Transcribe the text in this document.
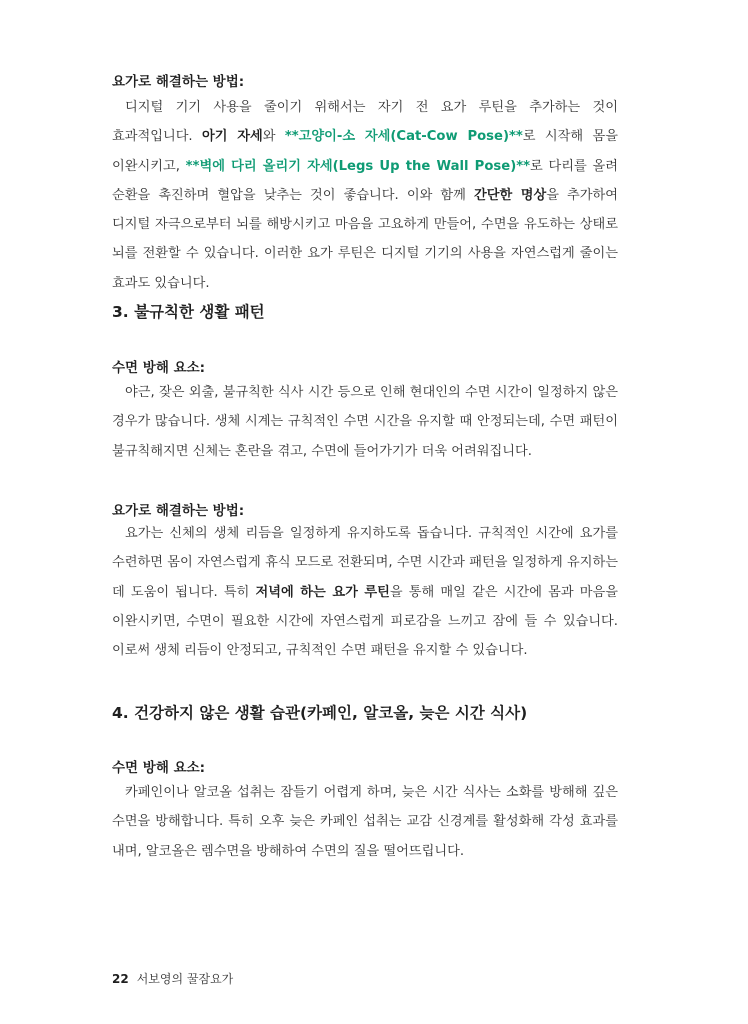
요가로 해결하는 방법:
디지털 기기 사용을 줄이기 위해서는 자기 전 요가 루틴을 추가하는 것이 효과적입니다. 아기 자세와 **고양이-소 자세(Cat-Cow Pose)**로 시작해 몸을 이완시키고, **벽에 다리 올리기 자세(Legs Up the Wall Pose)**로 다리를 올려 순환을 촉진하며 혈압을 낮추는 것이 좋습니다. 이와 함께 간단한 명상을 추가하여 디지털 자극으로부터 뇌를 해방시키고 마음을 고요하게 만들어, 수면을 유도하는 상태로 뇌를 전환할 수 있습니다. 이러한 요가 루틴은 디지털 기기의 사용을 자연스럽게 줄이는 효과도 있습니다.
3. 불규칙한 생활 패턴
수면 방해 요소:
야근, 잦은 외출, 불규칙한 식사 시간 등으로 인해 현대인의 수면 시간이 일정하지 않은 경우가 많습니다. 생체 시계는 규칙적인 수면 시간을 유지할 때 안정되는데, 수면 패턴이 불규칙해지면 신체는 혼란을 겪고, 수면에 들어가기가 더욱 어려워집니다.
요가로 해결하는 방법:
요가는 신체의 생체 리듬을 일정하게 유지하도록 돕습니다. 규칙적인 시간에 요가를 수련하면 몸이 자연스럽게 휴식 모드로 전환되며, 수면 시간과 패턴을 일정하게 유지하는 데 도움이 됩니다. 특히 저녁에 하는 요가 루틴을 통해 매일 같은 시간에 몸과 마음을 이완시키면, 수면이 필요한 시간에 자연스럽게 피로감을 느끼고 잠에 들 수 있습니다. 이로써 생체 리듬이 안정되고, 규칙적인 수면 패턴을 유지할 수 있습니다.
4. 건강하지 않은 생활 습관(카페인, 알코올, 늦은 시간 식사)
수면 방해 요소:
카페인이나 알코올 섭취는 잠들기 어렵게 하며, 늦은 시간 식사는 소화를 방해해 깊은 수면을 방해합니다. 특히 오후 늦은 카페인 섭취는 교감 신경계를 활성화해 각성 효과를 내며, 알코올은 렘수면을 방해하여 수면의 질을 떨어뜨립니다.
22 서보영의 꿀잠요가
